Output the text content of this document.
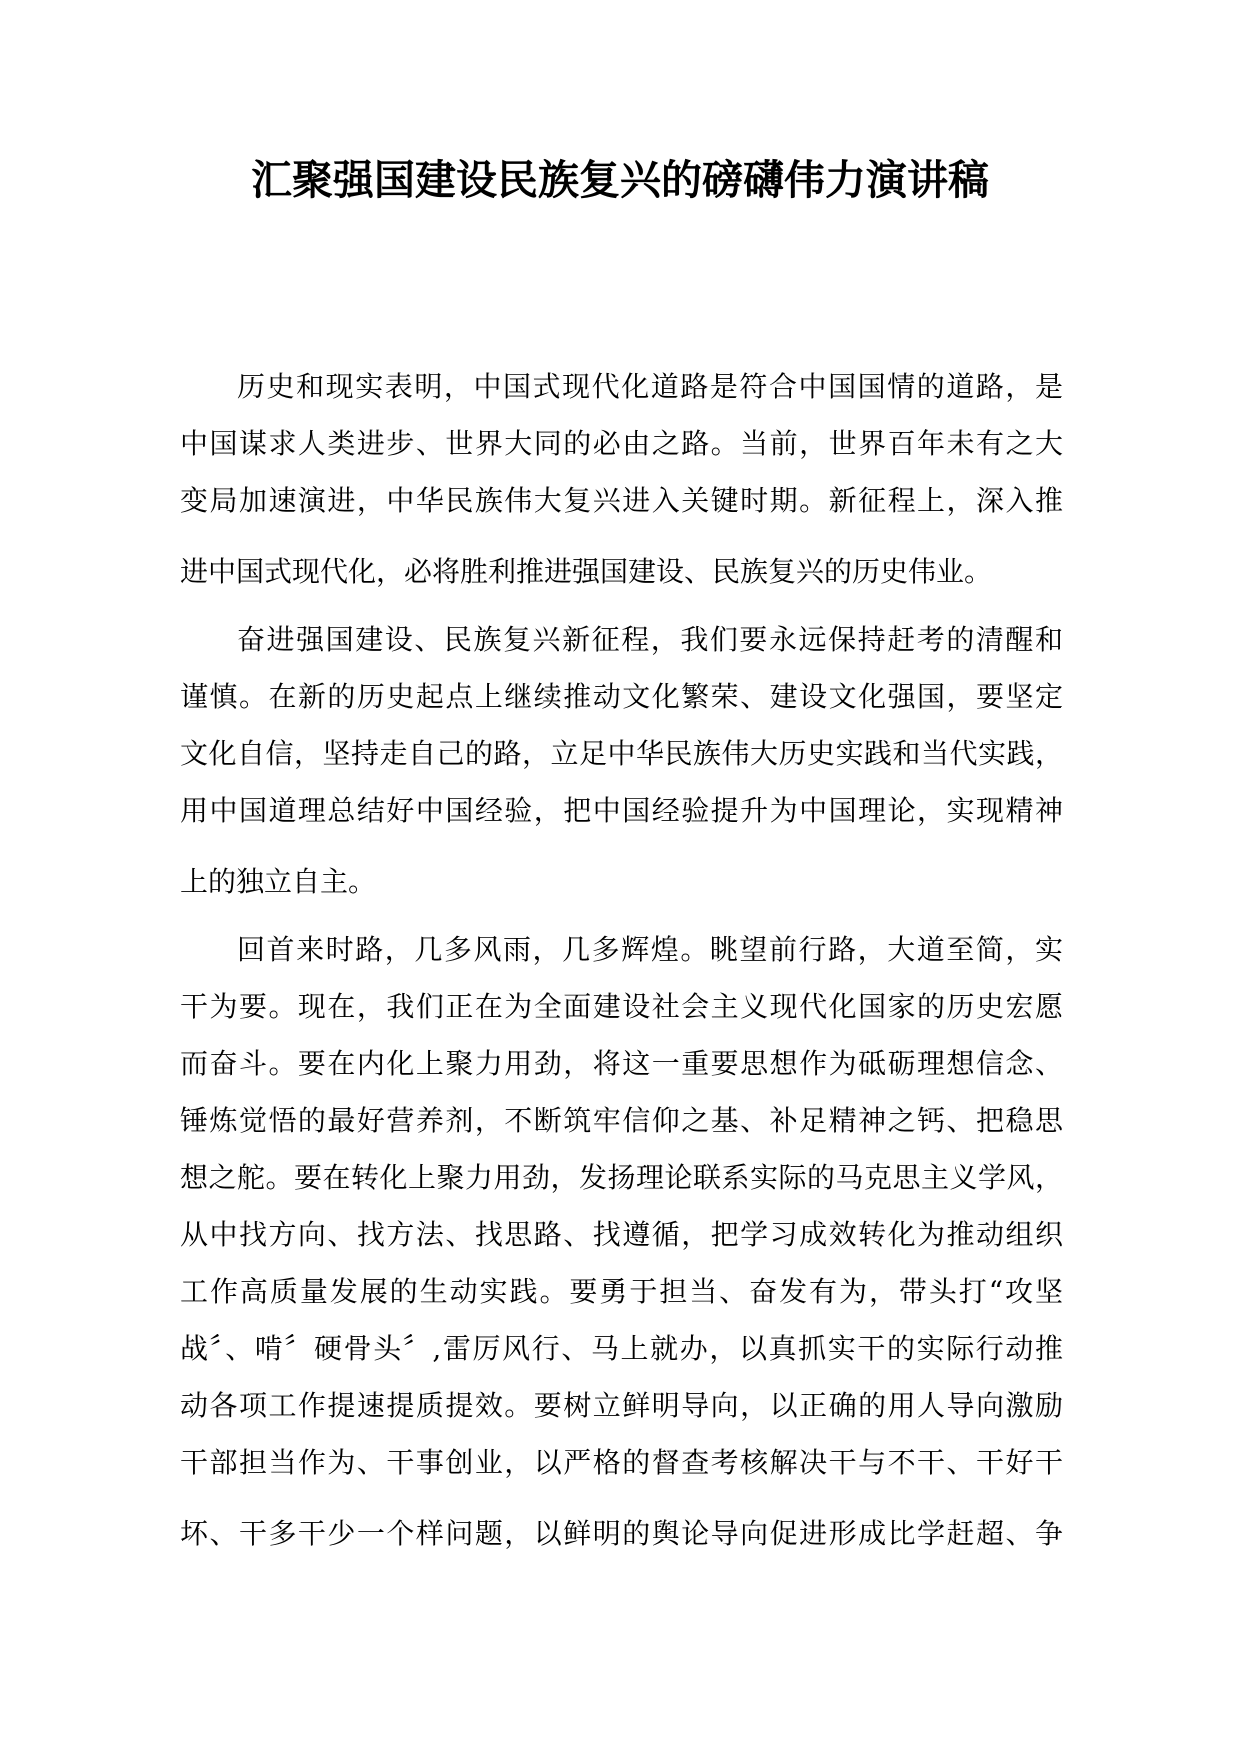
汇聚强国建设民族复兴的磅礴伟力演讲稿
历史和现实表明，中国式现代化道路是符合中国国情的道路，是
中国谋求人类进步、世界大同的必由之路。当前，世界百年未有之大
变局加速演进，中华民族伟大复兴进入关键时期。新征程上，深入推
进中国式现代化，必将胜利推进强国建设、民族复兴的历史伟业。
奋进强国建设、民族复兴新征程，我们要永远保持赶考的清醒和
谨慎。在新的历史起点上继续推动文化繁荣、建设文化强国，要坚定
文化自信，坚持走自己的路，立足中华民族伟大历史实践和当代实践，
用中国道理总结好中国经验，把中国经验提升为中国理论，实现精神
上的独立自主。
回首来时路，几多风雨，几多辉煌。眺望前行路，大道至简，实
干为要。现在，我们正在为全面建设社会主义现代化国家的历史宏愿
而奋斗。要在内化上聚力用劲，将这一重要思想作为砥砺理想信念、
锤炼觉悟的最好营养剂，不断筑牢信仰之基、补足精神之钙、把稳思
想之舵。要在转化上聚力用劲，发扬理论联系实际的马克思主义学风，
从中找方向、找方法、找思路、找遵循，把学习成效转化为推动组织
工作高质量发展的生动实践。要勇于担当、奋发有为，带头打“攻坚
战〞、啃〞硬骨头〞,雷厉风行、马上就办，以真抓实干的实际行动推
动各项工作提速提质提效。要树立鲜明导向，以正确的用人导向激励
干部担当作为、干事创业，以严格的督查考核解决干与不干、干好干
坏、干多干少一个样问题，以鲜明的舆论导向促进形成比学赶超、争
